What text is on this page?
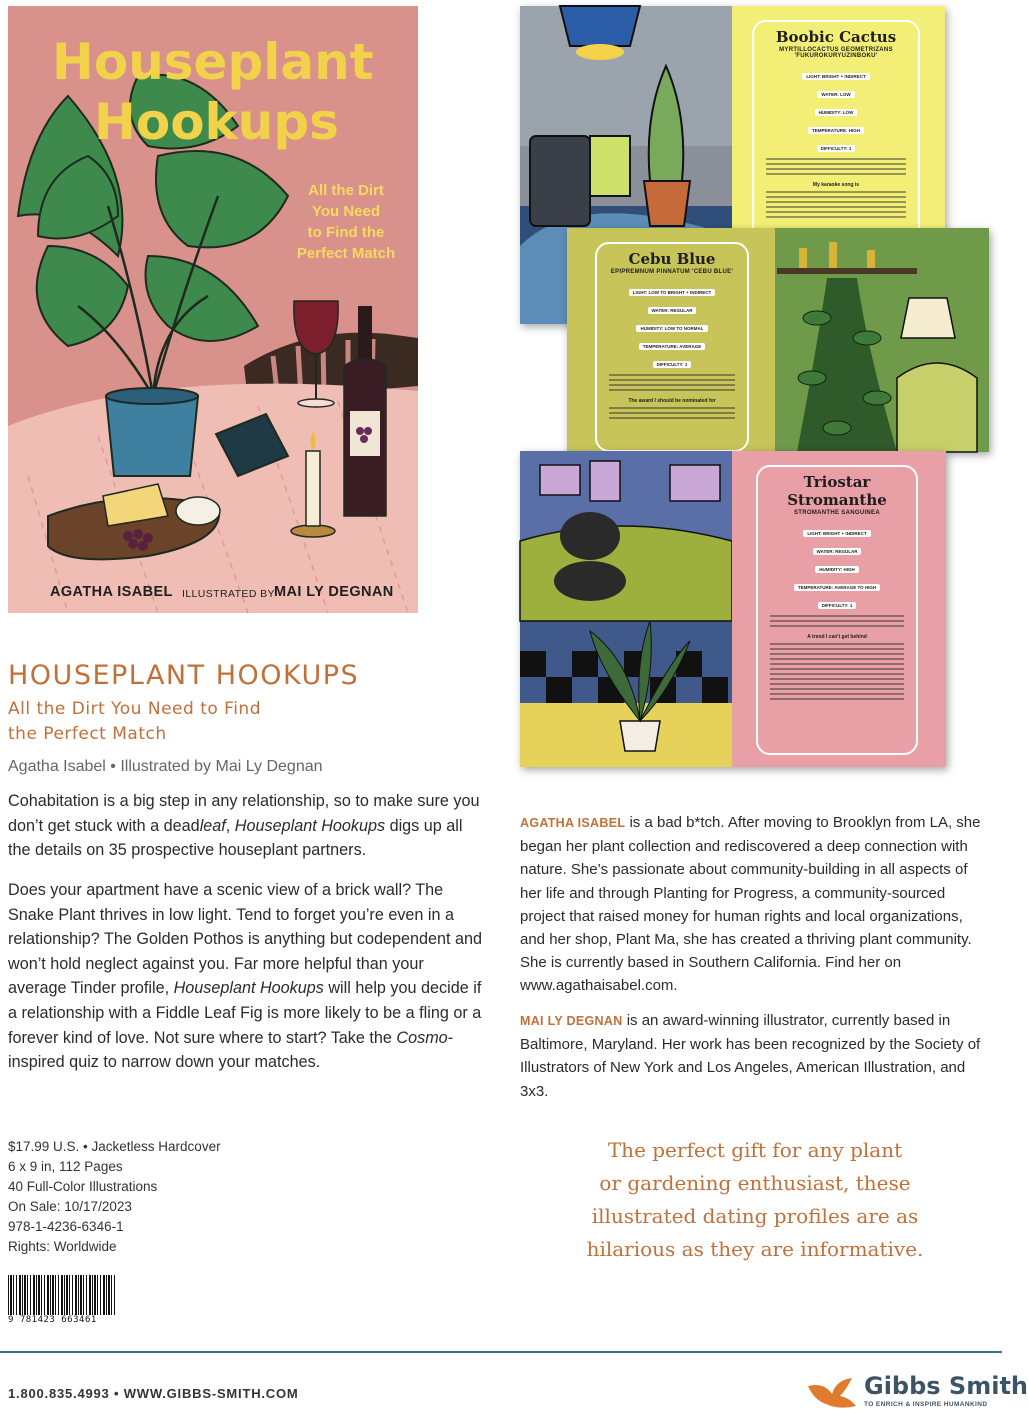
Houseplant
Hookups
All the Dirt
You Need
to Find the
Perfect Match
AGATHA ISABEL ILLUSTRATED BY MAI LY DEGNAN
Boobic Cactus
MYRTILLOCACTUS GEOMETRIZANS 'FUKUROKURYUZINBOKU'
LIGHT: BRIGHT + INDIRECT
WATER: LOW
HUMIDITY: LOW
TEMPERATURE: HIGH
DIFFICULTY: 1
My karaoke song is
Cebu Blue
EPIPREMNUM PINNATUM 'CEBU BLUE'
LIGHT: LOW TO BRIGHT + INDIRECT
WATER: REGULAR
HUMIDITY: LOW TO NORMAL
TEMPERATURE: AVERAGE
DIFFICULTY: 1
The award I should be nominated for
Triostar Stromanthe
STROMANTHE SANGUINEA
LIGHT: BRIGHT + INDIRECT
WATER: REGULAR
HUMIDITY: HIGH
TEMPERATURE: AVERAGE TO HIGH
DIFFICULTY: 1
A trend I can't get behind
HOUSEPLANT HOOKUPS
All the Dirt You Need to Find
the Perfect Match
Agatha Isabel • Illustrated by Mai Ly Degnan
Cohabitation is a big step in any relationship, so to make sure you don’t get stuck with a deadleaf, Houseplant Hookups digs up all the details on 35 prospective houseplant partners.
Does your apartment have a scenic view of a brick wall? The Snake Plant thrives in low light. Tend to forget you’re even in a relationship? The Golden Pothos is anything but codependent and won’t hold neglect against you. Far more helpful than your average Tinder profile, Houseplant Hookups will help you decide if a relationship with a Fiddle Leaf Fig is more likely to be a fling or a forever kind of love. Not sure where to start? Take the Cosmo-inspired quiz to narrow down your matches.
$17.99 U.S. • Jacketless Hardcover
6 x 9 in, 112 Pages
40 Full-Color Illustrations
On Sale: 10/17/2023
978-1-4236-6346-1
Rights: Worldwide
9 781423 663461
AGATHA ISABEL is a bad b*tch. After moving to Brooklyn from LA, she began her plant collection and rediscovered a deep connection with nature. She’s passionate about community-building in all aspects of her life and through Planting for Progress, a community-sourced project that raised money for human rights and local organizations, and her shop, Plant Ma, she has created a thriving plant community. She is currently based in Southern California. Find her on www.agathaisabel.com.
MAI LY DEGNAN is an award-winning illustrator, currently based in Baltimore, Maryland. Her work has been recognized by the Society of Illustrators of New York and Los Angeles, American Illustration, and 3x3.
The perfect gift for any plant
or gardening enthusiast, these
illustrated dating profiles are as
hilarious as they are informative.
1.800.835.4993 • WWW.GIBBS-SMITH.COM	Gibbs Smith
TO ENRICH & INSPIRE HUMANKIND
